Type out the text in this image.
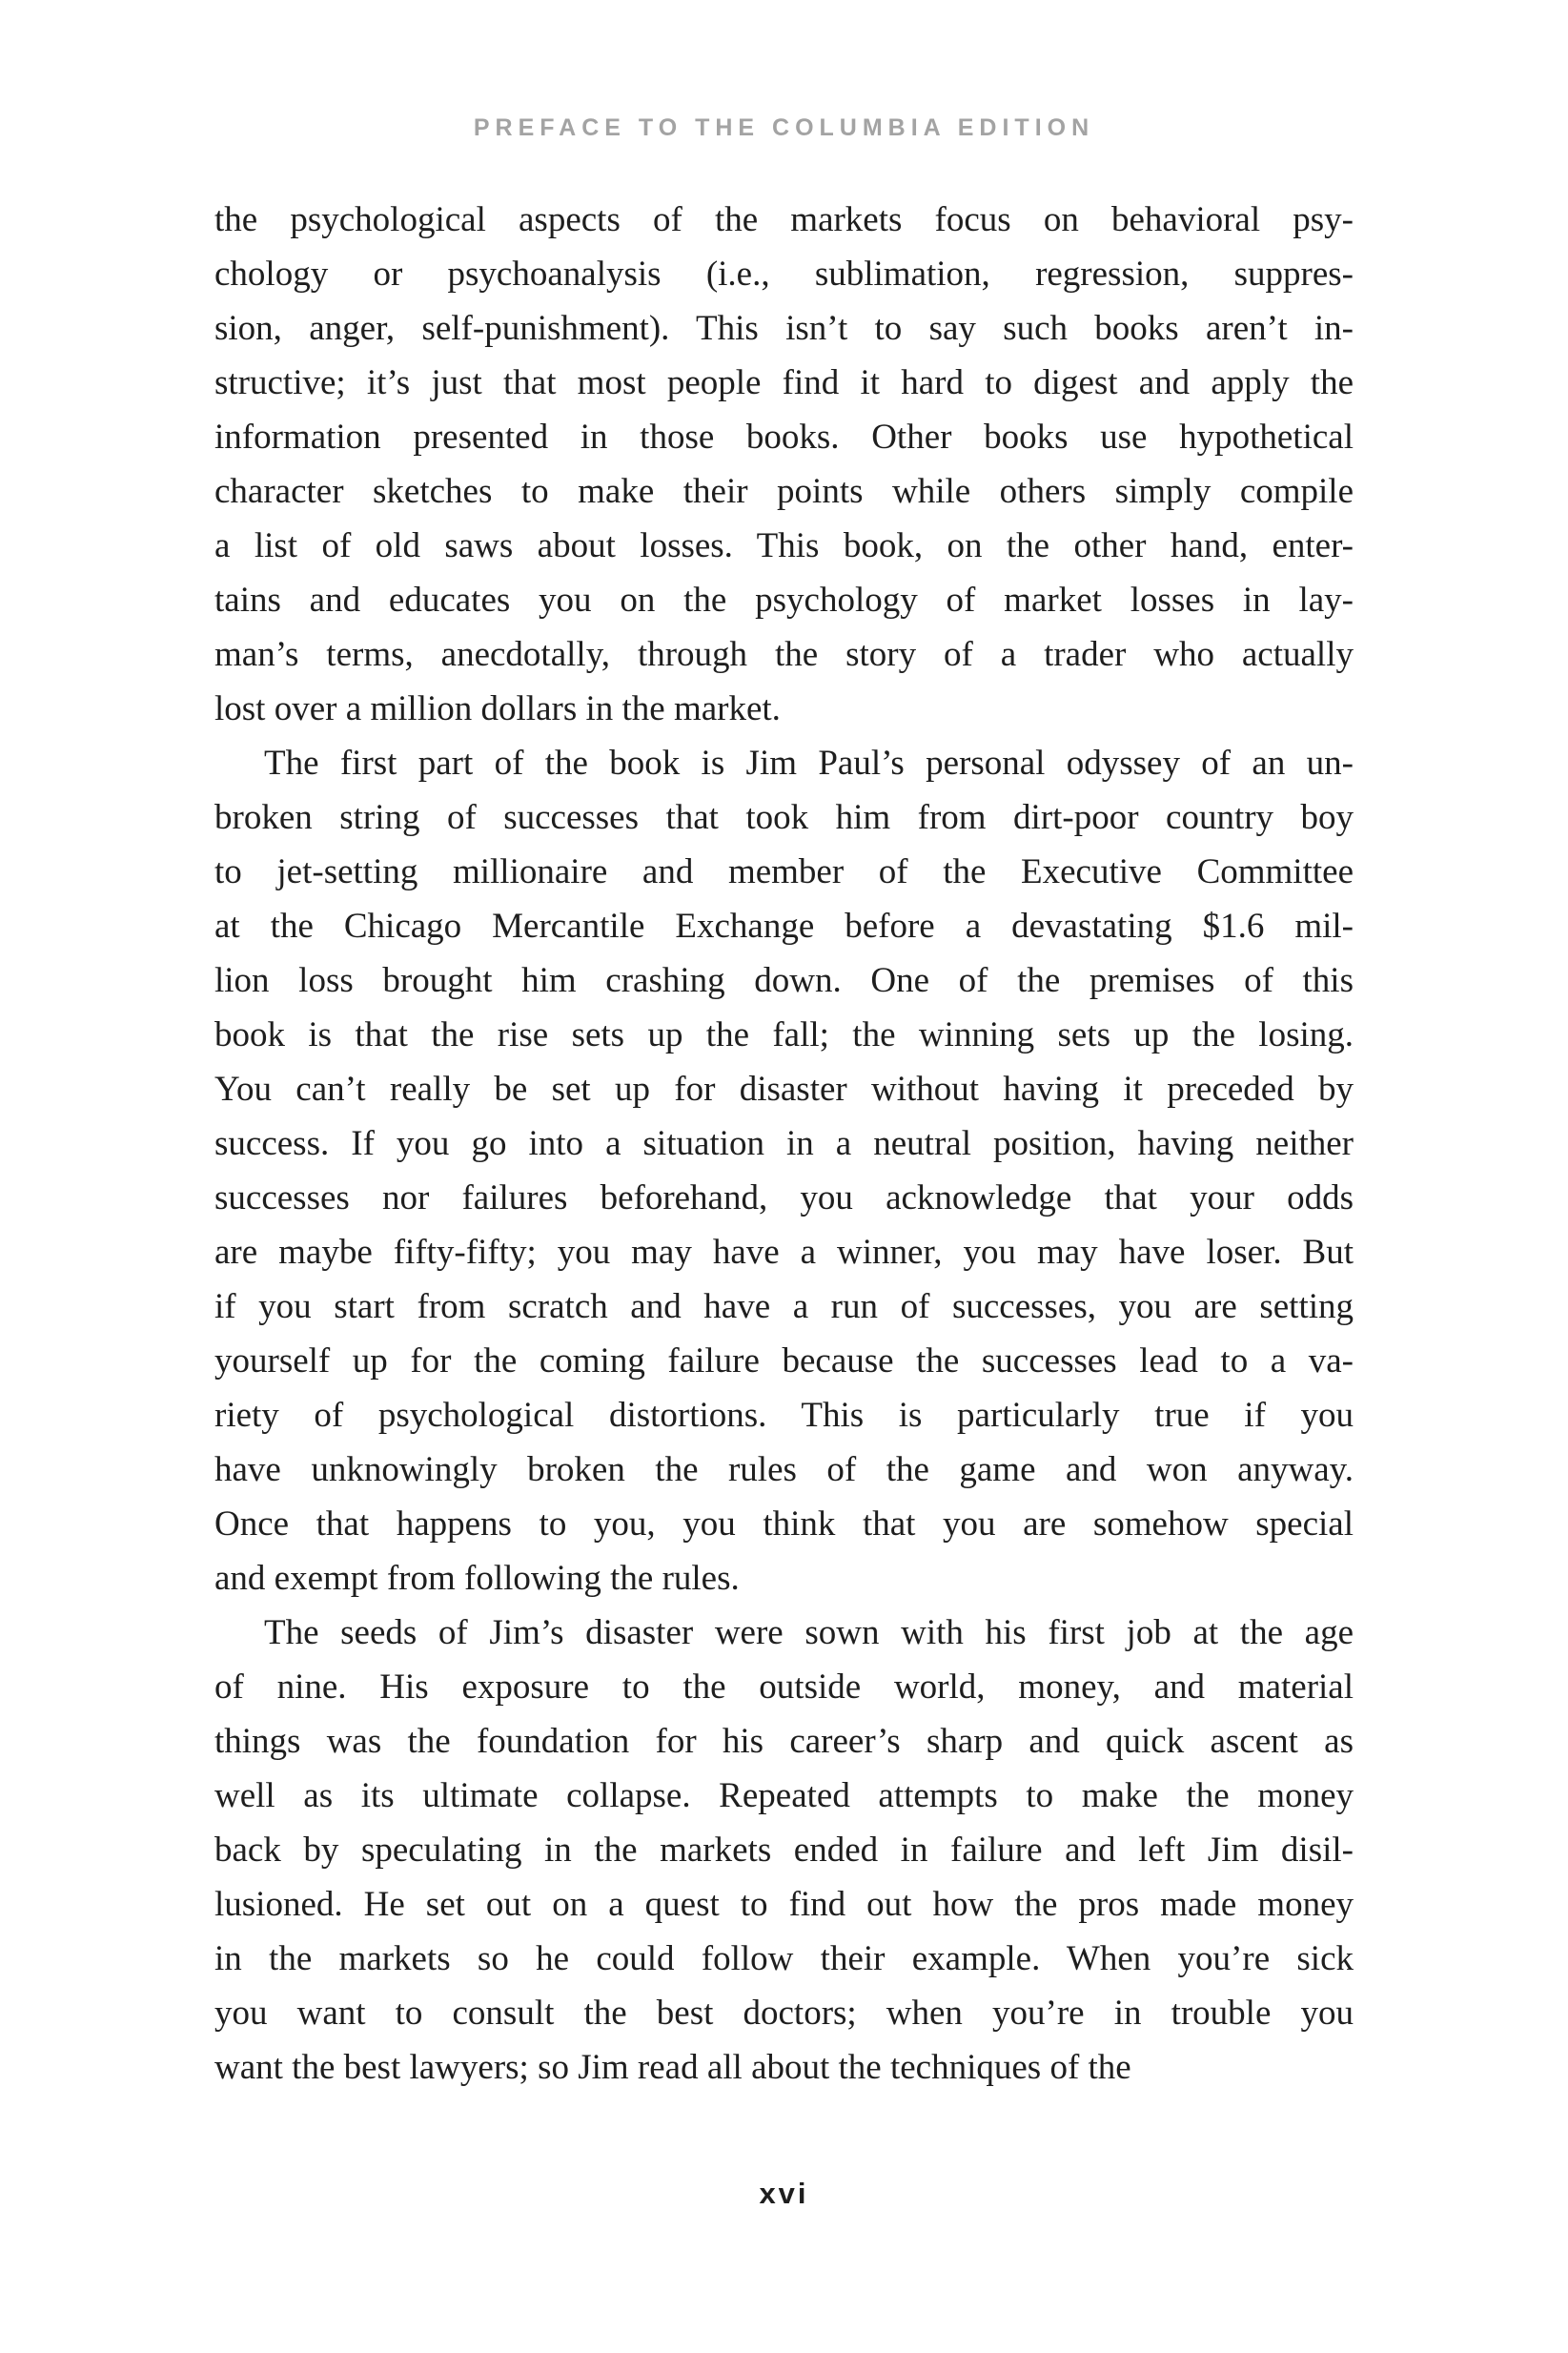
PREFACE TO THE COLUMBIA EDITION
the psychological aspects of the markets focus on behavioral psy-
chology or psychoanalysis (i.e., sublimation, regression, suppres-
sion, anger, self-punishment). This isn’t to say such books aren’t in-
structive; it’s just that most people find it hard to digest and apply the
information presented in those books. Other books use hypothetical
character sketches to make their points while others simply compile
a list of old saws about losses. This book, on the other hand, enter-
tains and educates you on the psychology of market losses in lay-
man’s terms, anecdotally, through the story of a trader who actually
lost over a million dollars in the market.
The first part of the book is Jim Paul’s personal odyssey of an un-
broken string of successes that took him from dirt-poor country boy
to jet-setting millionaire and member of the Executive Committee
at the Chicago Mercantile Exchange before a devastating $1.6 mil-
lion loss brought him crashing down. One of the premises of this
book is that the rise sets up the fall; the winning sets up the losing.
You can’t really be set up for disaster without having it preceded by
success. If you go into a situation in a neutral position, having neither
successes nor failures beforehand, you acknowledge that your odds
are maybe fifty-fifty; you may have a winner, you may have loser. But
if you start from scratch and have a run of successes, you are setting
yourself up for the coming failure because the successes lead to a va-
riety of psychological distortions. This is particularly true if you
have unknowingly broken the rules of the game and won anyway.
Once that happens to you, you think that you are somehow special
and exempt from following the rules.
The seeds of Jim’s disaster were sown with his first job at the age
of nine. His exposure to the outside world, money, and material
things was the foundation for his career’s sharp and quick ascent as
well as its ultimate collapse. Repeated attempts to make the money
back by speculating in the markets ended in failure and left Jim disil-
lusioned. He set out on a quest to find out how the pros made money
in the markets so he could follow their example. When you’re sick
you want to consult the best doctors; when you’re in trouble you
want the best lawyers; so Jim read all about the techniques of the
xvi
